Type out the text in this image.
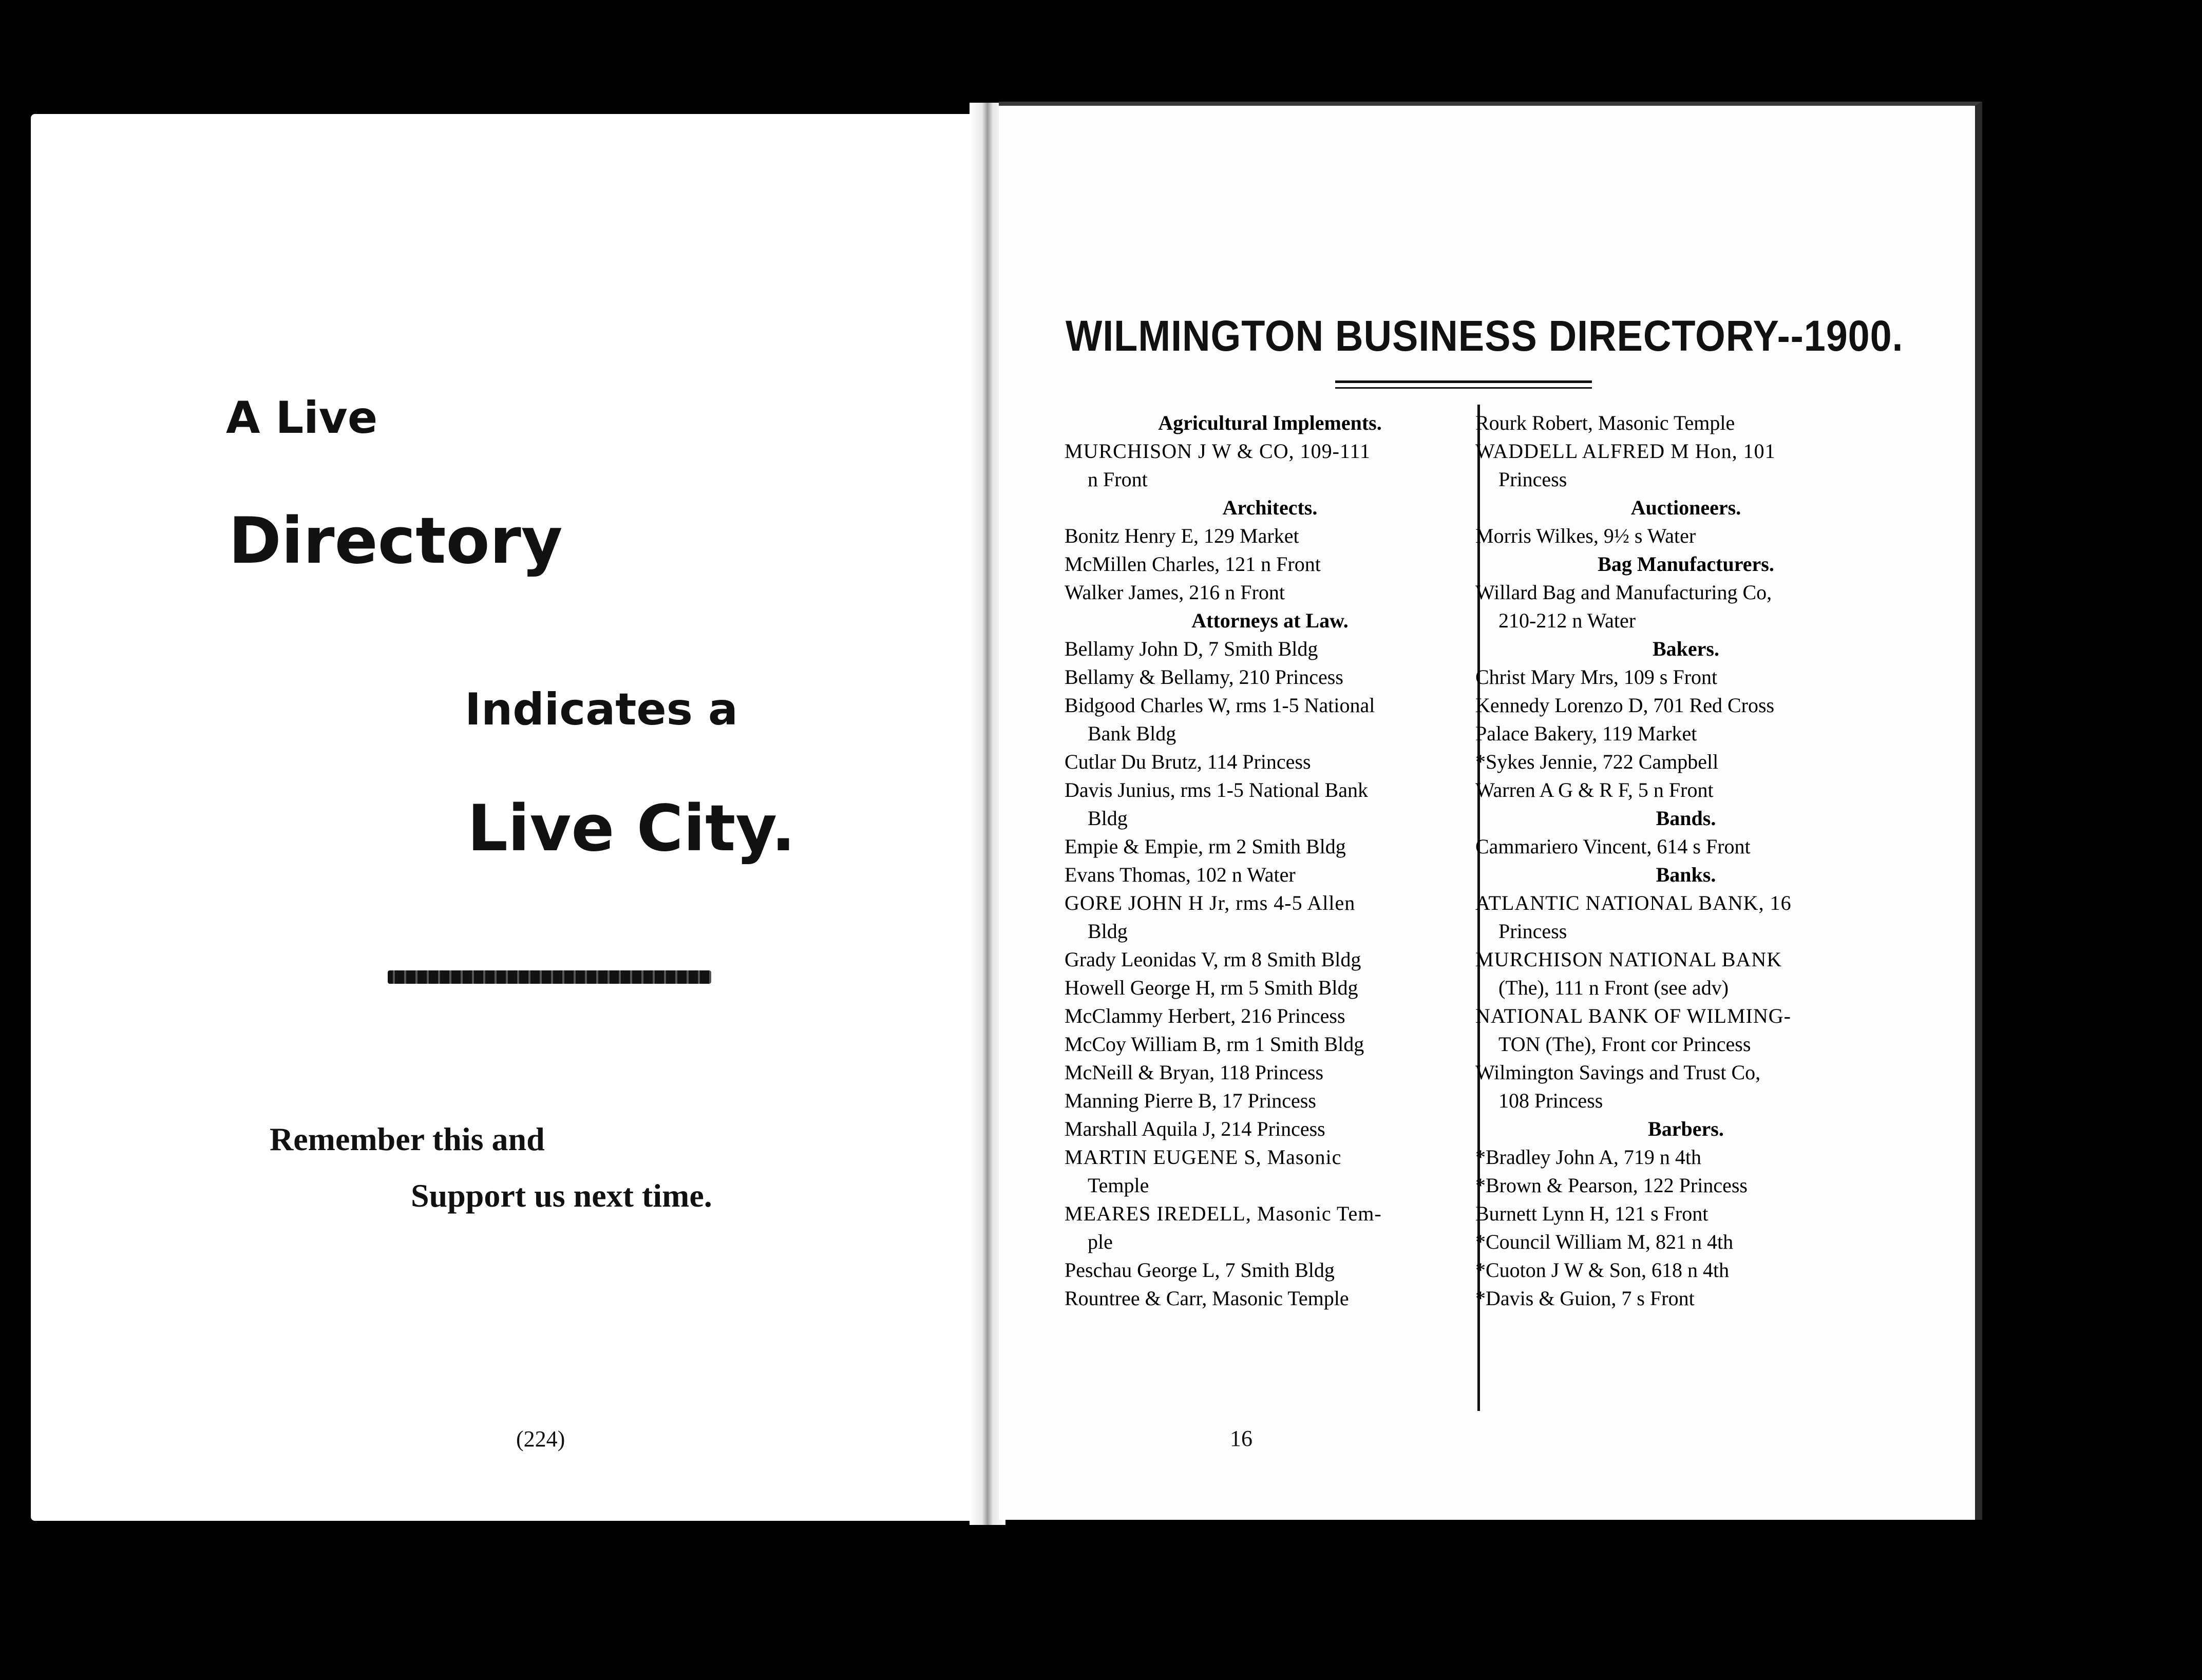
A Live
Directory
Indicates a
Live City.
Remember this and
Support us next time.
(224)
WILMINGTON BUSINESS DIRECTORY--1900.
Agricultural Implements.
MURCHISON J W & CO, 109-111
n Front
Architects.
Bonitz Henry E, 129 Market
McMillen Charles, 121 n Front
Walker James, 216 n Front
Attorneys at Law.
Bellamy John D, 7 Smith Bldg
Bellamy & Bellamy, 210 Princess
Bidgood Charles W, rms 1-5 National
Bank Bldg
Cutlar Du Brutz, 114 Princess
Davis Junius, rms 1-5 National Bank
Bldg
Empie & Empie, rm 2 Smith Bldg
Evans Thomas, 102 n Water
GORE JOHN H Jr, rms 4-5 Allen
Bldg
Grady Leonidas V, rm 8 Smith Bldg
Howell George H, rm 5 Smith Bldg
McClammy Herbert, 216 Princess
McCoy William B, rm 1 Smith Bldg
McNeill & Bryan, 118 Princess
Manning Pierre B, 17 Princess
Marshall Aquila J, 214 Princess
MARTIN EUGENE S, Masonic
Temple
MEARES IREDELL, Masonic Tem-
ple
Peschau George L, 7 Smith Bldg
Rountree & Carr, Masonic Temple
Rourk Robert, Masonic Temple
WADDELL ALFRED M Hon, 101
Princess
Auctioneers.
Morris Wilkes, 9½ s Water
Bag Manufacturers.
Willard Bag and Manufacturing Co,
210-212 n Water
Bakers.
Christ Mary Mrs, 109 s Front
Kennedy Lorenzo D, 701 Red Cross
Palace Bakery, 119 Market
*Sykes Jennie, 722 Campbell
Warren A G & R F, 5 n Front
Bands.
Cammariero Vincent, 614 s Front
Banks.
ATLANTIC NATIONAL BANK, 16
Princess
MURCHISON NATIONAL BANK
(The), 111 n Front (see adv)
NATIONAL BANK OF WILMING-
TON (The), Front cor Princess
Wilmington Savings and Trust Co,
108 Princess
Barbers.
*Bradley John A, 719 n 4th
*Brown & Pearson, 122 Princess
Burnett Lynn H, 121 s Front
*Council William M, 821 n 4th
*Cuoton J W & Son, 618 n 4th
*Davis & Guion, 7 s Front
16
